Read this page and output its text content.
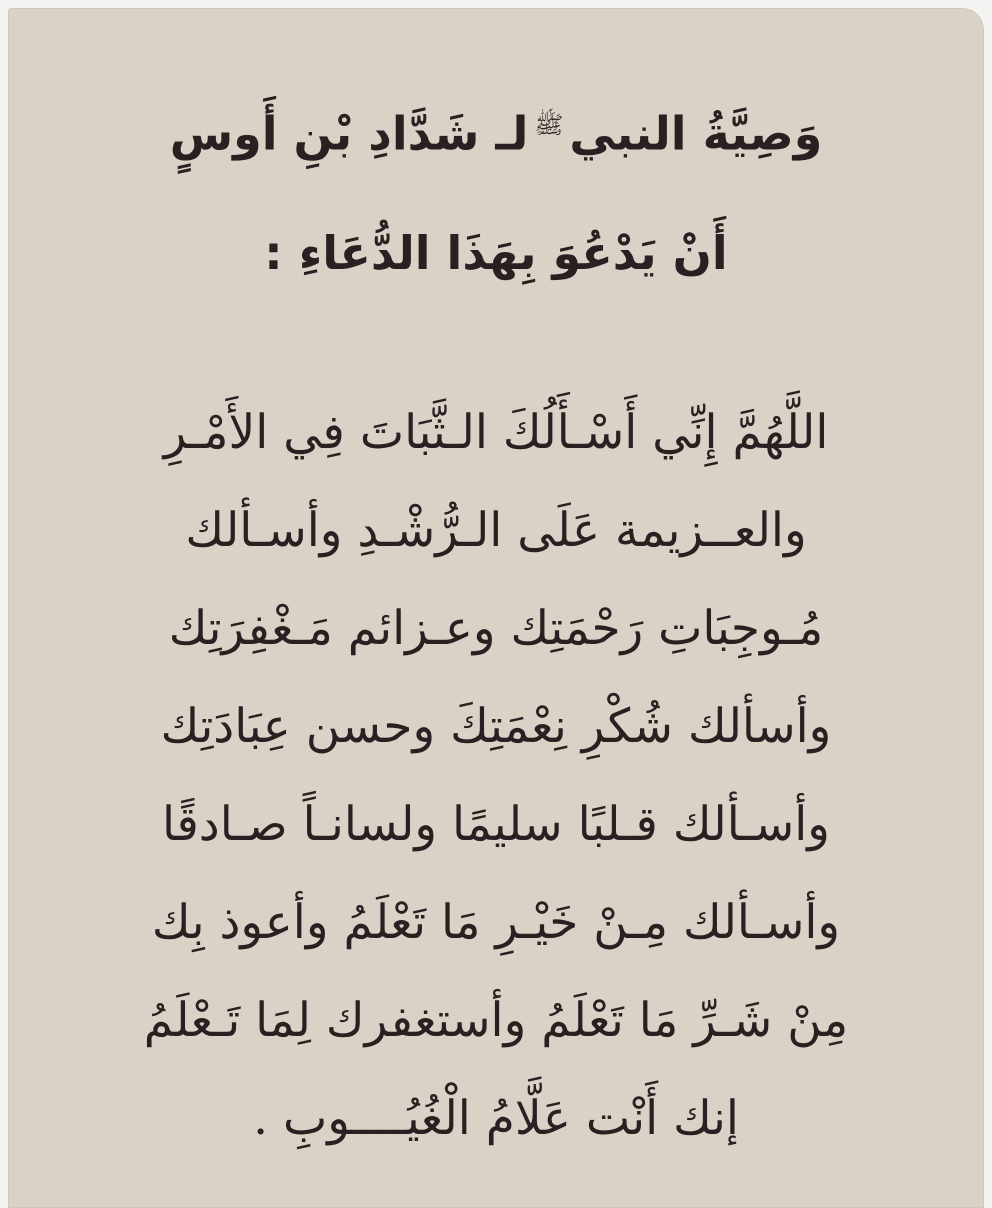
وَصِيَّةُ النبيﷺلـ شَدَّادِ بْنِ أَوسٍ
أَنْ يَدْعُوَ بِهَذَا الدُّعَاءِ :
اللَّهُمَّ إِنِّي أَسْـأَلُكَ الـثَّبَاتَ فِي الأَمْـرِ
والعــزيمة عَلَى الـرُّشْـدِ وأسـألك
مُـوجِبَاتِ رَحْمَتِك وعـزائم مَـغْفِرَتِك
وأسألك شُكْرِ نِعْمَتِكَ وحسن عِبَادَتِك
وأسـألك قـلبًا سليمًا ولسانـاً صـادقًا
وأسـألك مِـنْ خَيْـرِ مَا تَعْلَمُ وأعوذ بِك
مِنْ شَـرِّ مَا تَعْلَمُ وأستغفرك لِمَا تَـعْلَمُ
إنك أَنْت عَلَّامُ الْغُيُــــوبِ .
